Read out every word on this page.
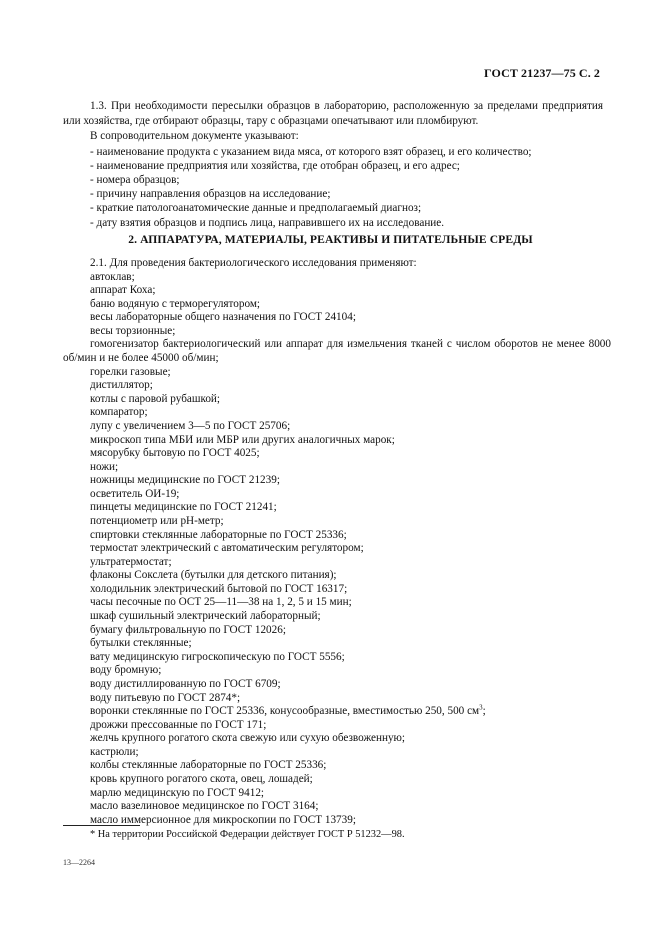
ГОСТ 21237—75 С. 2

1.3. При необходимости пересылки образцов в лабораторию, расположенную за пределами предприятия или хозяйства, где отбирают образцы, тару с образцами опечатывают или пломбируют.

В сопроводительном документе указывают:

- наименование продукта с указанием вида мяса, от которого взят образец, и его количество;
- наименование предприятия или хозяйства, где отобран образец, и его адрес;
- номера образцов;
- причину направления образцов на исследование;
- краткие патологоанатомические данные и предполагаемый диагноз;
- дату взятия образцов и подпись лица, направившего их на исследование.
2. АППАРАТУРА, МАТЕРИАЛЫ, РЕАКТИВЫ И ПИТАТЕЛЬНЫЕ СРЕДЫ

2.1. Для проведения бактериологического исследования применяют:

автоклав;
аппарат Коха;
баню водяную с терморегулятором;
весы лабораторные общего назначения по ГОСТ 24104;
весы торзионные;

гомогенизатор бактериологический или аппарат для измельчения тканей с числом оборотов не менее 8000 об/мин и не более 45000 об/мин;

горелки газовые;
дистиллятор;
котлы с паровой рубашкой;
компаратор;
лупу с увеличением 3—5 по ГОСТ 25706;
микроскоп типа МБИ или МБР или других аналогичных марок;
мясорубку бытовую по ГОСТ 4025;
ножи;
ножницы медицинские по ГОСТ 21239;
осветитель ОИ-19;
пинцеты медицинские по ГОСТ 21241;
потенциометр или pH-метр;
спиртовки стеклянные лабораторные по ГОСТ 25336;
термостат электрический с автоматическим регулятором;
ультратермостат;
флаконы Сокслета (бутылки для детского питания);
холодильник электрический бытовой по ГОСТ 16317;
часы песочные по ОСТ 25—11—38 на 1, 2, 5 и 15 мин;
шкаф сушильный электрический лабораторный;
бумагу фильтровальную по ГОСТ 12026;
бутылки стеклянные;
вату медицинскую гигроскопическую по ГОСТ 5556;
воду бромную;
воду дистиллированную по ГОСТ 6709;
воду питьевую по ГОСТ 2874*;
воронки стеклянные по ГОСТ 25336, конусообразные, вместимостью 250, 500 $см^3$;
дрожжи прессованные по ГОСТ 171;
желчь крупного рогатого скота свежую или сухую обезвоженную;
кастрюли;
колбы стеклянные лабораторные по ГОСТ 25336;
кровь крупного рогатого скота, овец, лошадей;
марлю медицинскую по ГОСТ 9412;
масло вазелиновое медицинское по ГОСТ 3164;
масло иммерсионное для микроскопии по ГОСТ 13739;
* На территории Российской Федерации действует ГОСТ Р 51232—98.
13—2264
